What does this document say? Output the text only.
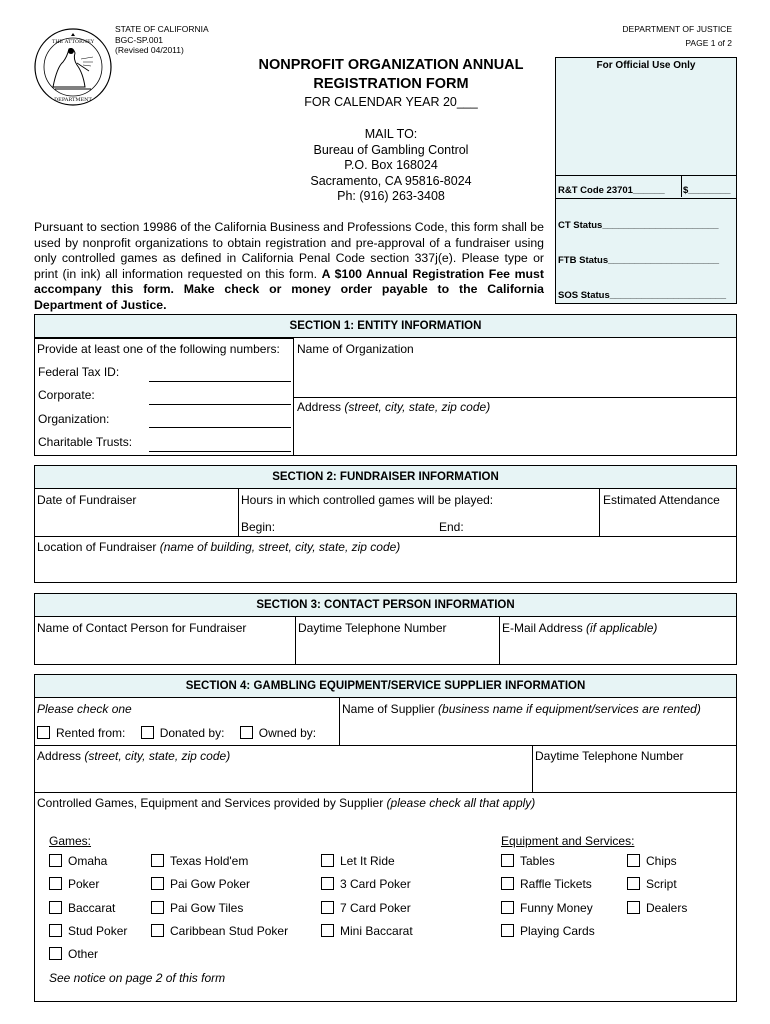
THE ATTORNEY
DEPARTMENT
STATE OF CALIFORNIA
BGC-SP.001
(Revised 04/2011)
DEPARTMENT OF JUSTICE
PAGE 1 of 2
NONPROFIT ORGANIZATION ANNUAL
REGISTRATION FORM
FOR CALENDAR YEAR 20___
MAIL TO:
Bureau of Gambling Control
P.O. Box 168024
Sacramento, CA 95816-8024
Ph: (916) 263-3408
Pursuant to section 19986 of the California Business and Professions Code, this form shall be used by nonprofit organizations to obtain registration and pre-approval of a fundraiser using only controlled games as defined in California Penal Code section 337j(e). Please type or print (in ink) all information requested on this form. A $100 Annual Registration Fee must accompany this form. Make check or money order payable to the California Department of Justice.
For Official Use Only
R&T Code 23701______ $________
CT Status______________________
FTB Status_____________________
SOS Status______________________
SECTION 1: ENTITY INFORMATION
Provide at least one of the following numbers:
Federal Tax ID:
Corporate:
Organization:
Charitable Trusts:
Name of Organization
Address (street, city, state, zip code)
SECTION 2: FUNDRAISER INFORMATION
Date of Fundraiser	Hours in which controlled games will be played:
Begin:	End:
Estimated Attendance
Location of Fundraiser (name of building, street, city, state, zip code)
SECTION 3: CONTACT PERSON INFORMATION
Name of Contact Person for Fundraiser	Daytime Telephone Number	E-Mail Address (if applicable)
SECTION 4: GAMBLING EQUIPMENT/SERVICE SUPPLIER INFORMATION
Please check one
Rented from:	Donated by:	Owned by:
Name of Supplier (business name if equipment/services are rented)
Address (street, city, state, zip code)	Daytime Telephone Number
Controlled Games, Equipment and Services provided by Supplier (please check all that apply)
Games:	Equipment and Services:
Omaha
Poker
Baccarat
Stud Poker
Other
Texas Hold'em
Pai Gow Poker
Pai Gow Tiles
Caribbean Stud Poker
Let It Ride
3 Card Poker
7 Card Poker
Mini Baccarat
Tables
Raffle Tickets
Funny Money
Playing Cards
Chips
Script
Dealers
See notice on page 2 of this form
